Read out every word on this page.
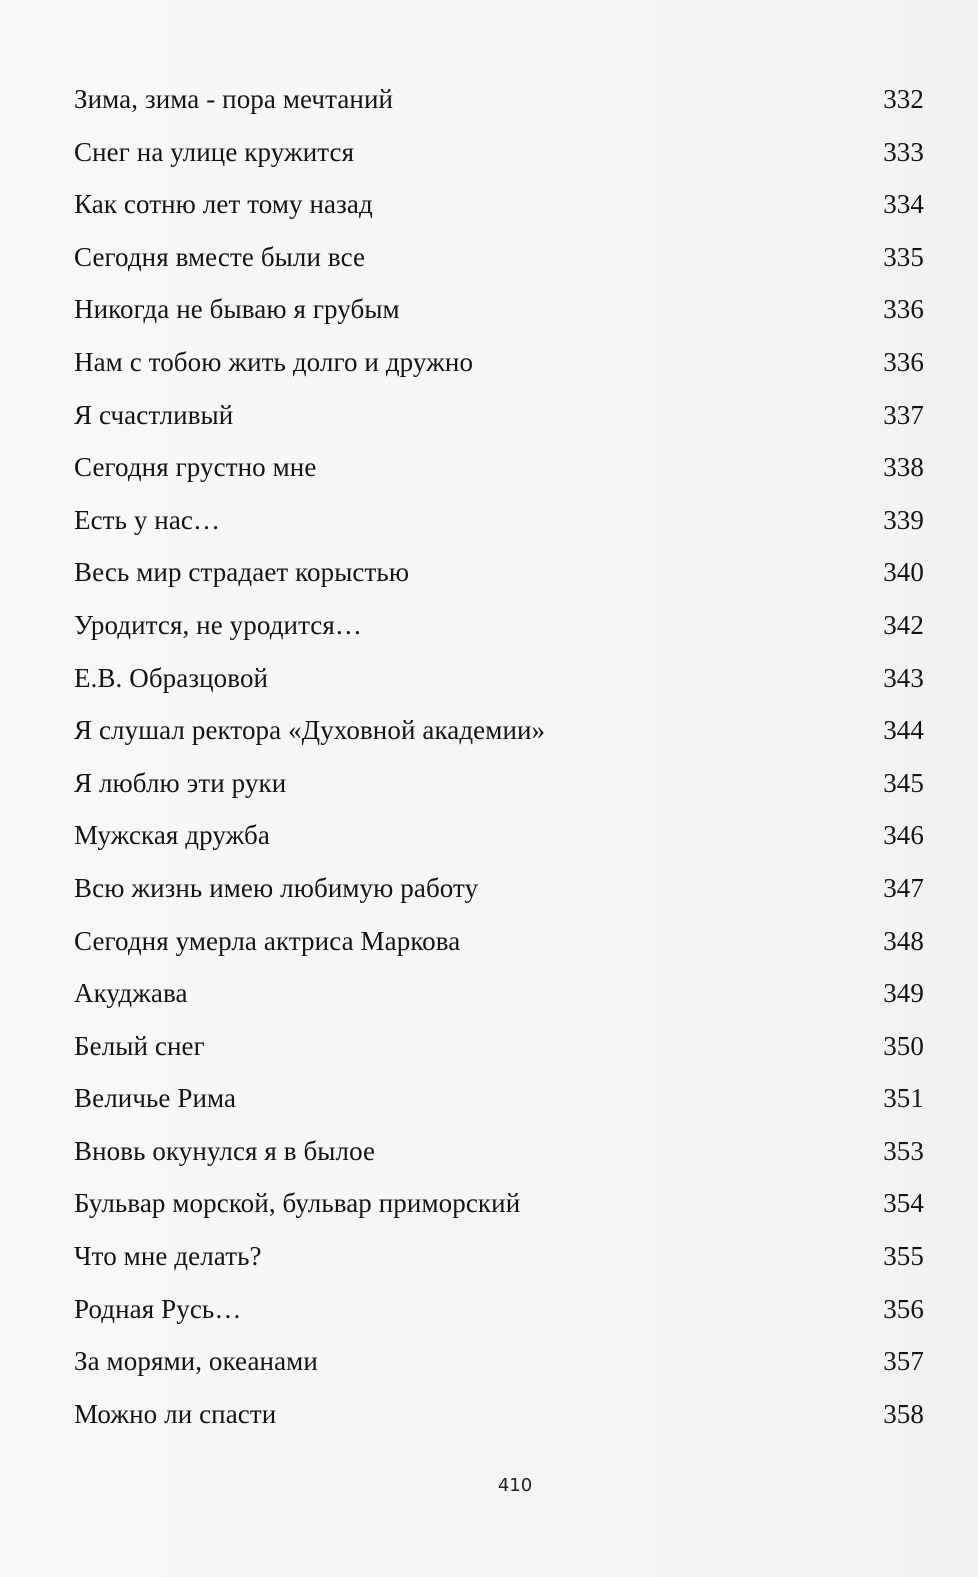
Зима, зима - пора мечтаний	332
Снег на улице кружится	333
Как сотню лет тому назад	334
Сегодня вместе были все	335
Никогда не бываю я грубым	336
Нам с тобою жить долго и дружно	336
Я счастливый	337
Сегодня грустно мне	338
Есть у нас…	339
Весь мир страдает корыстью	340
Уродится, не уродится…	342
Е.В. Образцовой	343
Я слушал ректора «Духовной академии»	344
Я люблю эти руки	345
Мужская дружба	346
Всю жизнь имею любимую работу	347
Сегодня умерла актриса Маркова	348
Акуджава	349
Белый снег	350
Величье Рима	351
Вновь окунулся я в былое	353
Бульвар морской, бульвар приморский	354
Что мне делать?	355
Родная Русь…	356
За морями, океанами	357
Можно ли спасти	358
410
